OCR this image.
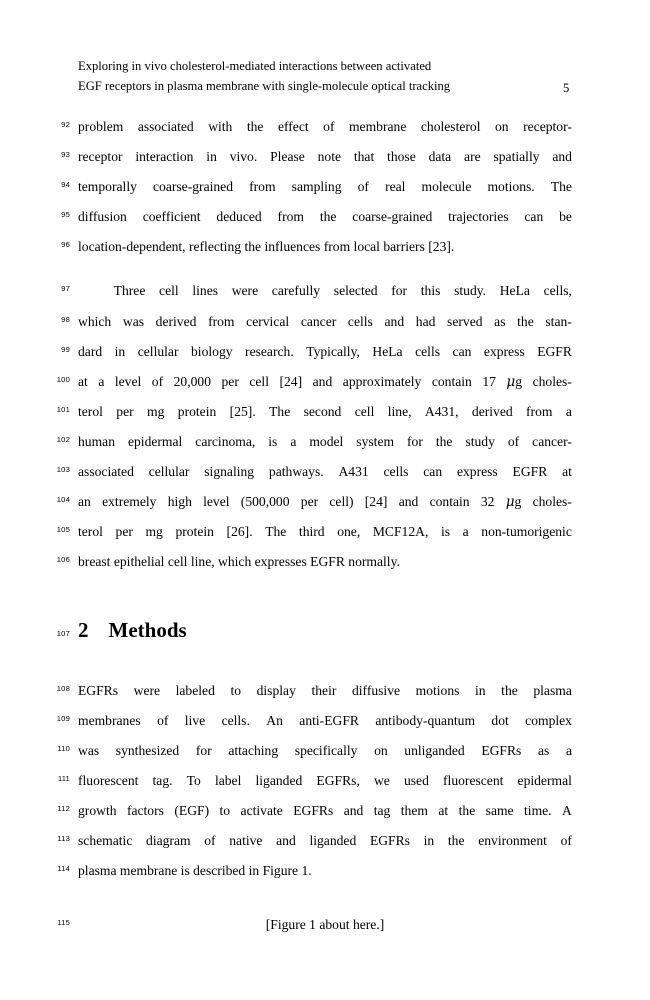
Exploring in vivo cholesterol-mediated interactions between activated
EGF receptors in plasma membrane with single-molecule optical tracking	5
92 problem associated with the effect of membrane cholesterol on receptor-
93 receptor interaction in vivo. Please note that those data are spatially and
94 temporally coarse-grained from sampling of real molecule motions. The
95 diffusion coefficient deduced from the coarse-grained trajectories can be
96 location-dependent, reflecting the influences from local barriers [23].
97	Three cell lines were carefully selected for this study. HeLa cells,
98 which was derived from cervical cancer cells and had served as the stan-
99 dard in cellular biology research. Typically, HeLa cells can express EGFR
100 at a level of 20,000 per cell [24] and approximately contain 17 μg choles-
101 terol per mg protein [25]. The second cell line, A431, derived from a
102 human epidermal carcinoma, is a model system for the study of cancer-
103 associated cellular signaling pathways. A431 cells can express EGFR at
104 an extremely high level (500,000 per cell) [24] and contain 32 μg choles-
105 terol per mg protein [26]. The third one, MCF12A, is a non-tumorigenic
106 breast epithelial cell line, which expresses EGFR normally.
107 2 Methods
108 EGFRs were labeled to display their diffusive motions in the plasma
109 membranes of live cells. An anti-EGFR antibody-quantum dot complex
110 was synthesized for attaching specifically on unliganded EGFRs as a
111 fluorescent tag. To label liganded EGFRs, we used fluorescent epidermal
112 growth factors (EGF) to activate EGFRs and tag them at the same time. A
113 schematic diagram of native and liganded EGFRs in the environment of
114 plasma membrane is described in Figure 1.
115	[Figure 1 about here.]
